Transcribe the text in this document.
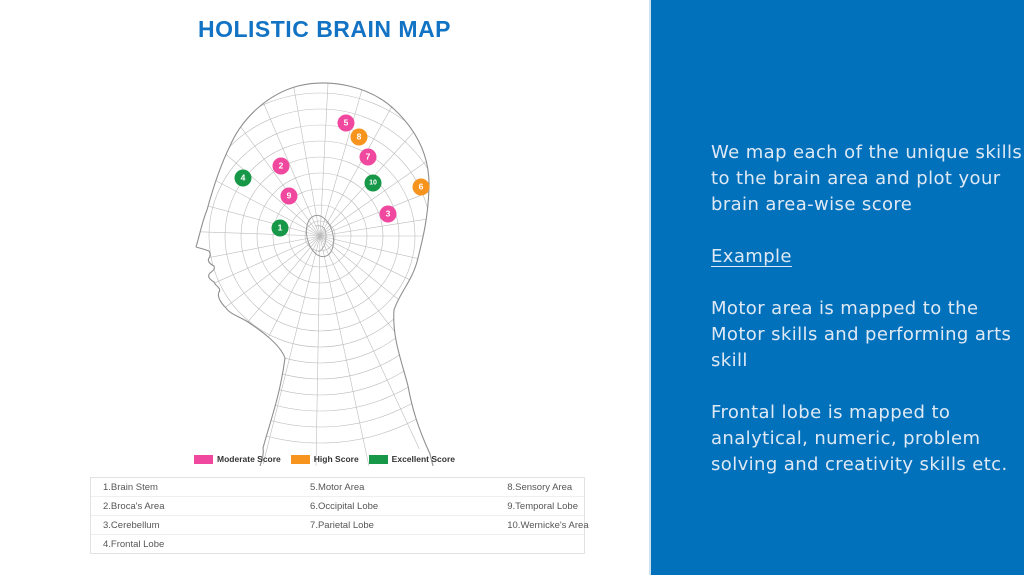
HOLISTIC BRAIN MAP
1
2
3
4
5
6
7
8
9
10
Moderate Score	High Score	Excellent Score
1.Brain Stem	5.Motor Area	8.Sensory Area
2.Broca's Area	6.Occipital Lobe	9.Temporal Lobe
3.Cerebellum	7.Parietal Lobe	10.Wernicke's Area
4.Frontal Lobe
We map each of the unique skills
to the brain area and plot your
brain area-wise score
Example
Motor area is mapped to the
Motor skills and performing arts
skill
Frontal lobe is mapped to
analytical, numeric, problem
solving and creativity skills etc.
